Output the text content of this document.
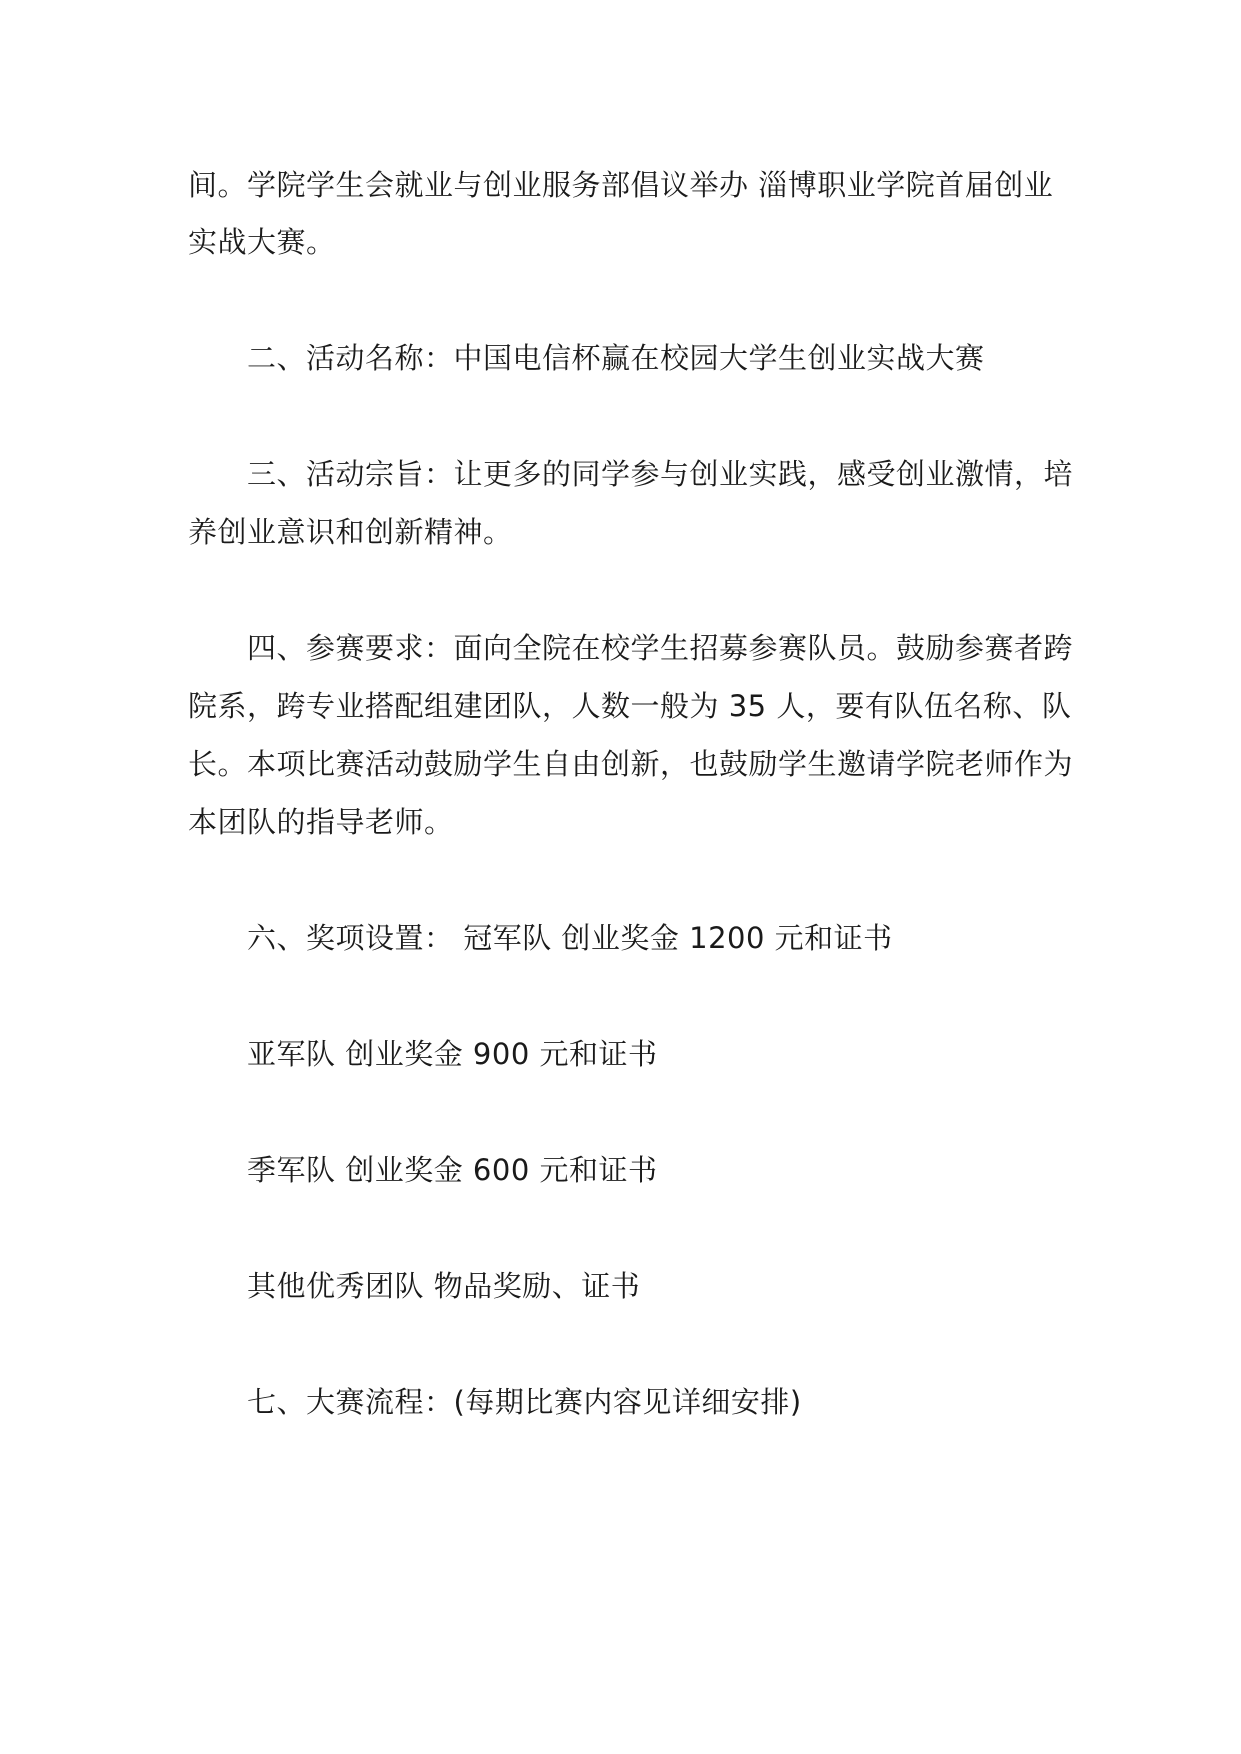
间。学院学生会就业与创业服务部倡议举办 淄博职业学院首届创业
实战大赛。
二、活动名称：中国电信杯赢在校园大学生创业实战大赛
三、活动宗旨：让更多的同学参与创业实践，感受创业激情，培
养创业意识和创新精神。
四、参赛要求：面向全院在校学生招募参赛队员。鼓励参赛者跨
院系，跨专业搭配组建团队，人数一般为 35 人，要有队伍名称、队
长。本项比赛活动鼓励学生自由创新，也鼓励学生邀请学院老师作为
本团队的指导老师。
六、奖项设置： 冠军队 创业奖金 1200 元和证书
亚军队 创业奖金 900 元和证书
季军队 创业奖金 600 元和证书
其他优秀团队 物品奖励、证书
七、大赛流程：(每期比赛内容见详细安排)
